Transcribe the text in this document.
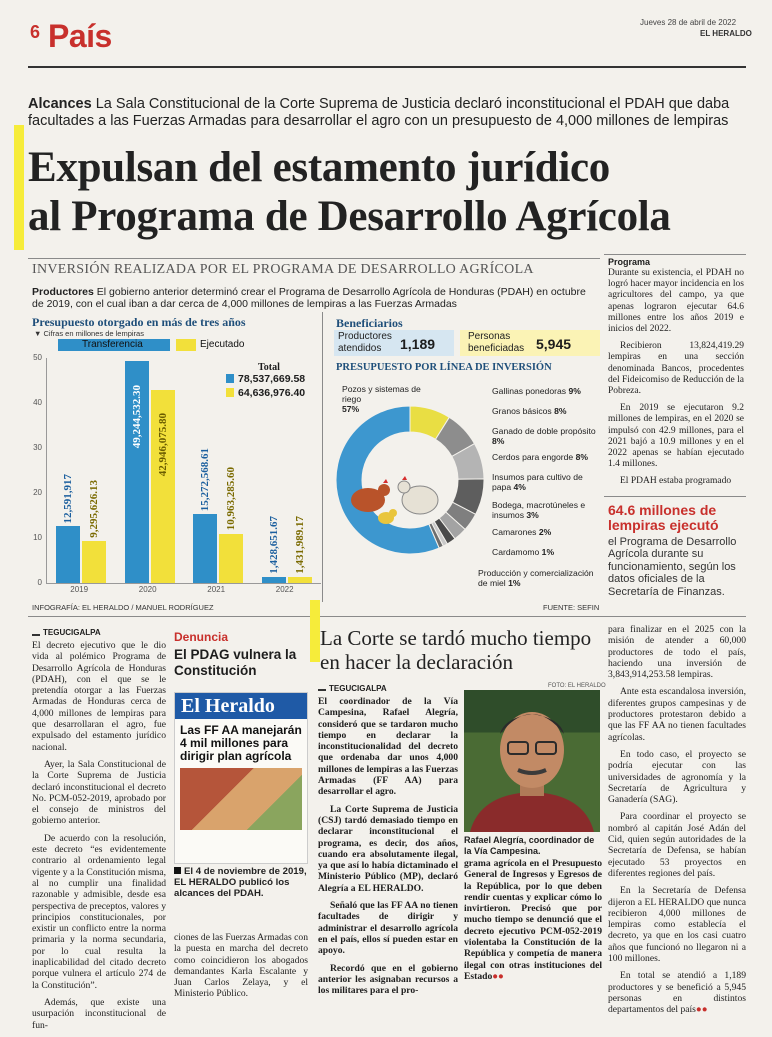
6 País	Jueves 28 de abril de 2022
EL HERALDO
Alcances La Sala Constitucional de la Corte Suprema de Justicia declaró inconstitucional el PDAH que daba facultades a las Fuerzas Armadas para desarrollar el agro con un presupuesto de 4,000 millones de lempiras
Expulsan del estamento jurídico
al Programa de Desarrollo Agrícola
INVERSIÓN REALIZADA POR EL PROGRAMA DE DESARROLLO AGRÍCOLA
Productores El gobierno anterior determinó crear el Programa de Desarrollo Agrícola de Honduras (PDAH) en octubre de 2019, con el cual iban a dar cerca de 4,000 millones de lempiras a las Fuerzas Armadas
Presupuesto otorgado en más de tres años
▼ Cifras en millones de lempiras
Transferencia	Ejecutado
Total
78,537,669.58
64,636,976.40
12,591,917 9,295,626.13
49,244,532.30 42,946,075.80
15,272,568.61 10,963,285.60
1,428,651.67 1,431,989.17
0
10
20
30
40
50
2019	2020	2021	2022
Beneficiarios
Productores atendidos	1,189	Personas beneficiadas 5,945
PRESUPUESTO POR LÍNEA DE INVERSIÓN
Pozos y sistemas de riego
57%
Gallinas ponedoras 9%
Granos básicos 8%
Ganado de doble propósito 8%
Cerdos para engorde 8%
Insumos para cultivo de papa 4%
Bodega, macrotúneles e insumos 3%
Camarones 2%
Cardamomo 1%
Producción y comercialización de miel 1%
INFOGRAFÍA: EL HERALDO / MANUEL RODRÍGUEZ	FUENTE: SEFIN
Programa

Durante su existencia, el PDAH no logró hacer mayor incidencia en los agricultores del campo, ya que apenas lograron ejecutar 64.6 millones entre los años 2019 e inicios del 2022.

Recibieron 13,824,419.29 lempiras en una sección denominada Bancos, procedentes del Fideicomiso de Reducción de la Pobreza.

En 2019 se ejecutaron 9.2 millones de lempiras, en el 2020 se impulsó con 42.9 millones, para el 2021 bajó a 10.9 millones y en el 2022 apenas se habían ejecutado 1.4 millones.

El PDAH estaba programado

64.6 millones de lempiras ejecutó
el Programa de Desarrollo Agrícola durante su funcionamiento, según los datos oficiales de la Secretaría de Finanzas.
TEGUCIGALPA

El decreto ejecutivo que le dio vida al polémico Programa de Desarrollo Agrícola de Honduras (PDAH), con el que se le pretendía otorgar a las Fuerzas Armadas de Honduras cerca de 4,000 millones de lempiras para que desarrollaran el agro, fue expulsado del estamento jurídico nacional.

Ayer, la Sala Constitucional de la Corte Suprema de Justicia declaró inconstitucional el decreto No. PCM-052-2019, aprobado por el consejo de ministros del gobierno anterior.

De acuerdo con la resolución, este decreto “es evidentemente contrario al ordenamiento legal vigente y a la Constitución misma, al no cumplir una finalidad razonable y admisible, desde esa perspectiva de preceptos, valores y principios constitucionales, por existir un conflicto entre la norma primaria y la norma secundaria, por lo cual resulta la inaplicabilidad del citado decreto porque vulnera el artículo 274 de la Constitución”.

Además, que existe una usurpación inconstitucional de fun-

Denuncia
El PDAG vulnera la Constitución
El Heraldo
Las FF AA manejarán 4 mil millones para dirigir plan agrícola
El 4 de noviembre de 2019, EL HERALDO publicó los alcances del PDAH.
ciones de las Fuerzas Armadas con la puesta en marcha del decreto como coincidieron los abogados demandantes Karla Escalante y Juan Carlos Zelaya, y el Ministerio Público.
La Corte se tardó mucho tiempo en hacer la declaración
TEGUCIGALPA

El coordinador de la Vía Campesina, Rafael Alegría, consideró que se tardaron mucho tiempo en declarar la inconstitucionalidad del decreto que ordenaba dar unos 4,000 millones de lempiras a las Fuerzas Armadas (FF AA) para desarrollar el agro.

La Corte Suprema de Justicia (CSJ) tardó demasiado tiempo en declarar inconstitucional el programa, es decir, dos años, cuando era absolutamente ilegal, ya que así lo había dictaminado el Ministerio Público (MP), declaró Alegría a EL HERALDO.

Señaló que las FF AA no tienen facultades de dirigir y administrar el desarrollo agrícola en el país, ellos sí pueden estar en apoyo.

Recordó que en el gobierno anterior les asignaban recursos a los militares para el pro-

FOTO: EL HERALDO
Rafael Alegría, coordinador de la Vía Campesina.

grama agrícola en el Presupuesto General de Ingresos y Egresos de la República, por lo que deben rendir cuentas y explicar cómo lo invirtieron. Precisó que por mucho tiempo se denunció que el decreto ejecutivo PCM-052-2019 violentaba la Constitución de la República y competía de manera ilegal con otras instituciones del Estado●●

para finalizar en el 2025 con la misión de atender a 60,000 productores de todo el país, haciendo una inversión de 3,843,914,253.58 lempiras.

Ante esta escandalosa inversión, diferentes grupos campesinas y de productores protestaron debido a que las FF AA no tienen facultades agrícolas.

En todo caso, el proyecto se podría ejecutar con las universidades de agronomía y la Secretaría de Agricultura y Ganadería (SAG).

Para coordinar el proyecto se nombró al capitán José Adán del Cid, quien según autoridades de la Secretaría de Defensa, se habían ejecutado 53 proyectos en diferentes regiones del país.

En la Secretaría de Defensa dijeron a EL HERALDO que nunca recibieron 4,000 millones de lempiras como establecía el decreto, ya que en los casi cuatro años que funcionó no llegaron ni a 100 millones.

En total se atendió a 1,189 productores y se benefició a 5,945 personas en distintos departamentos del país●●
